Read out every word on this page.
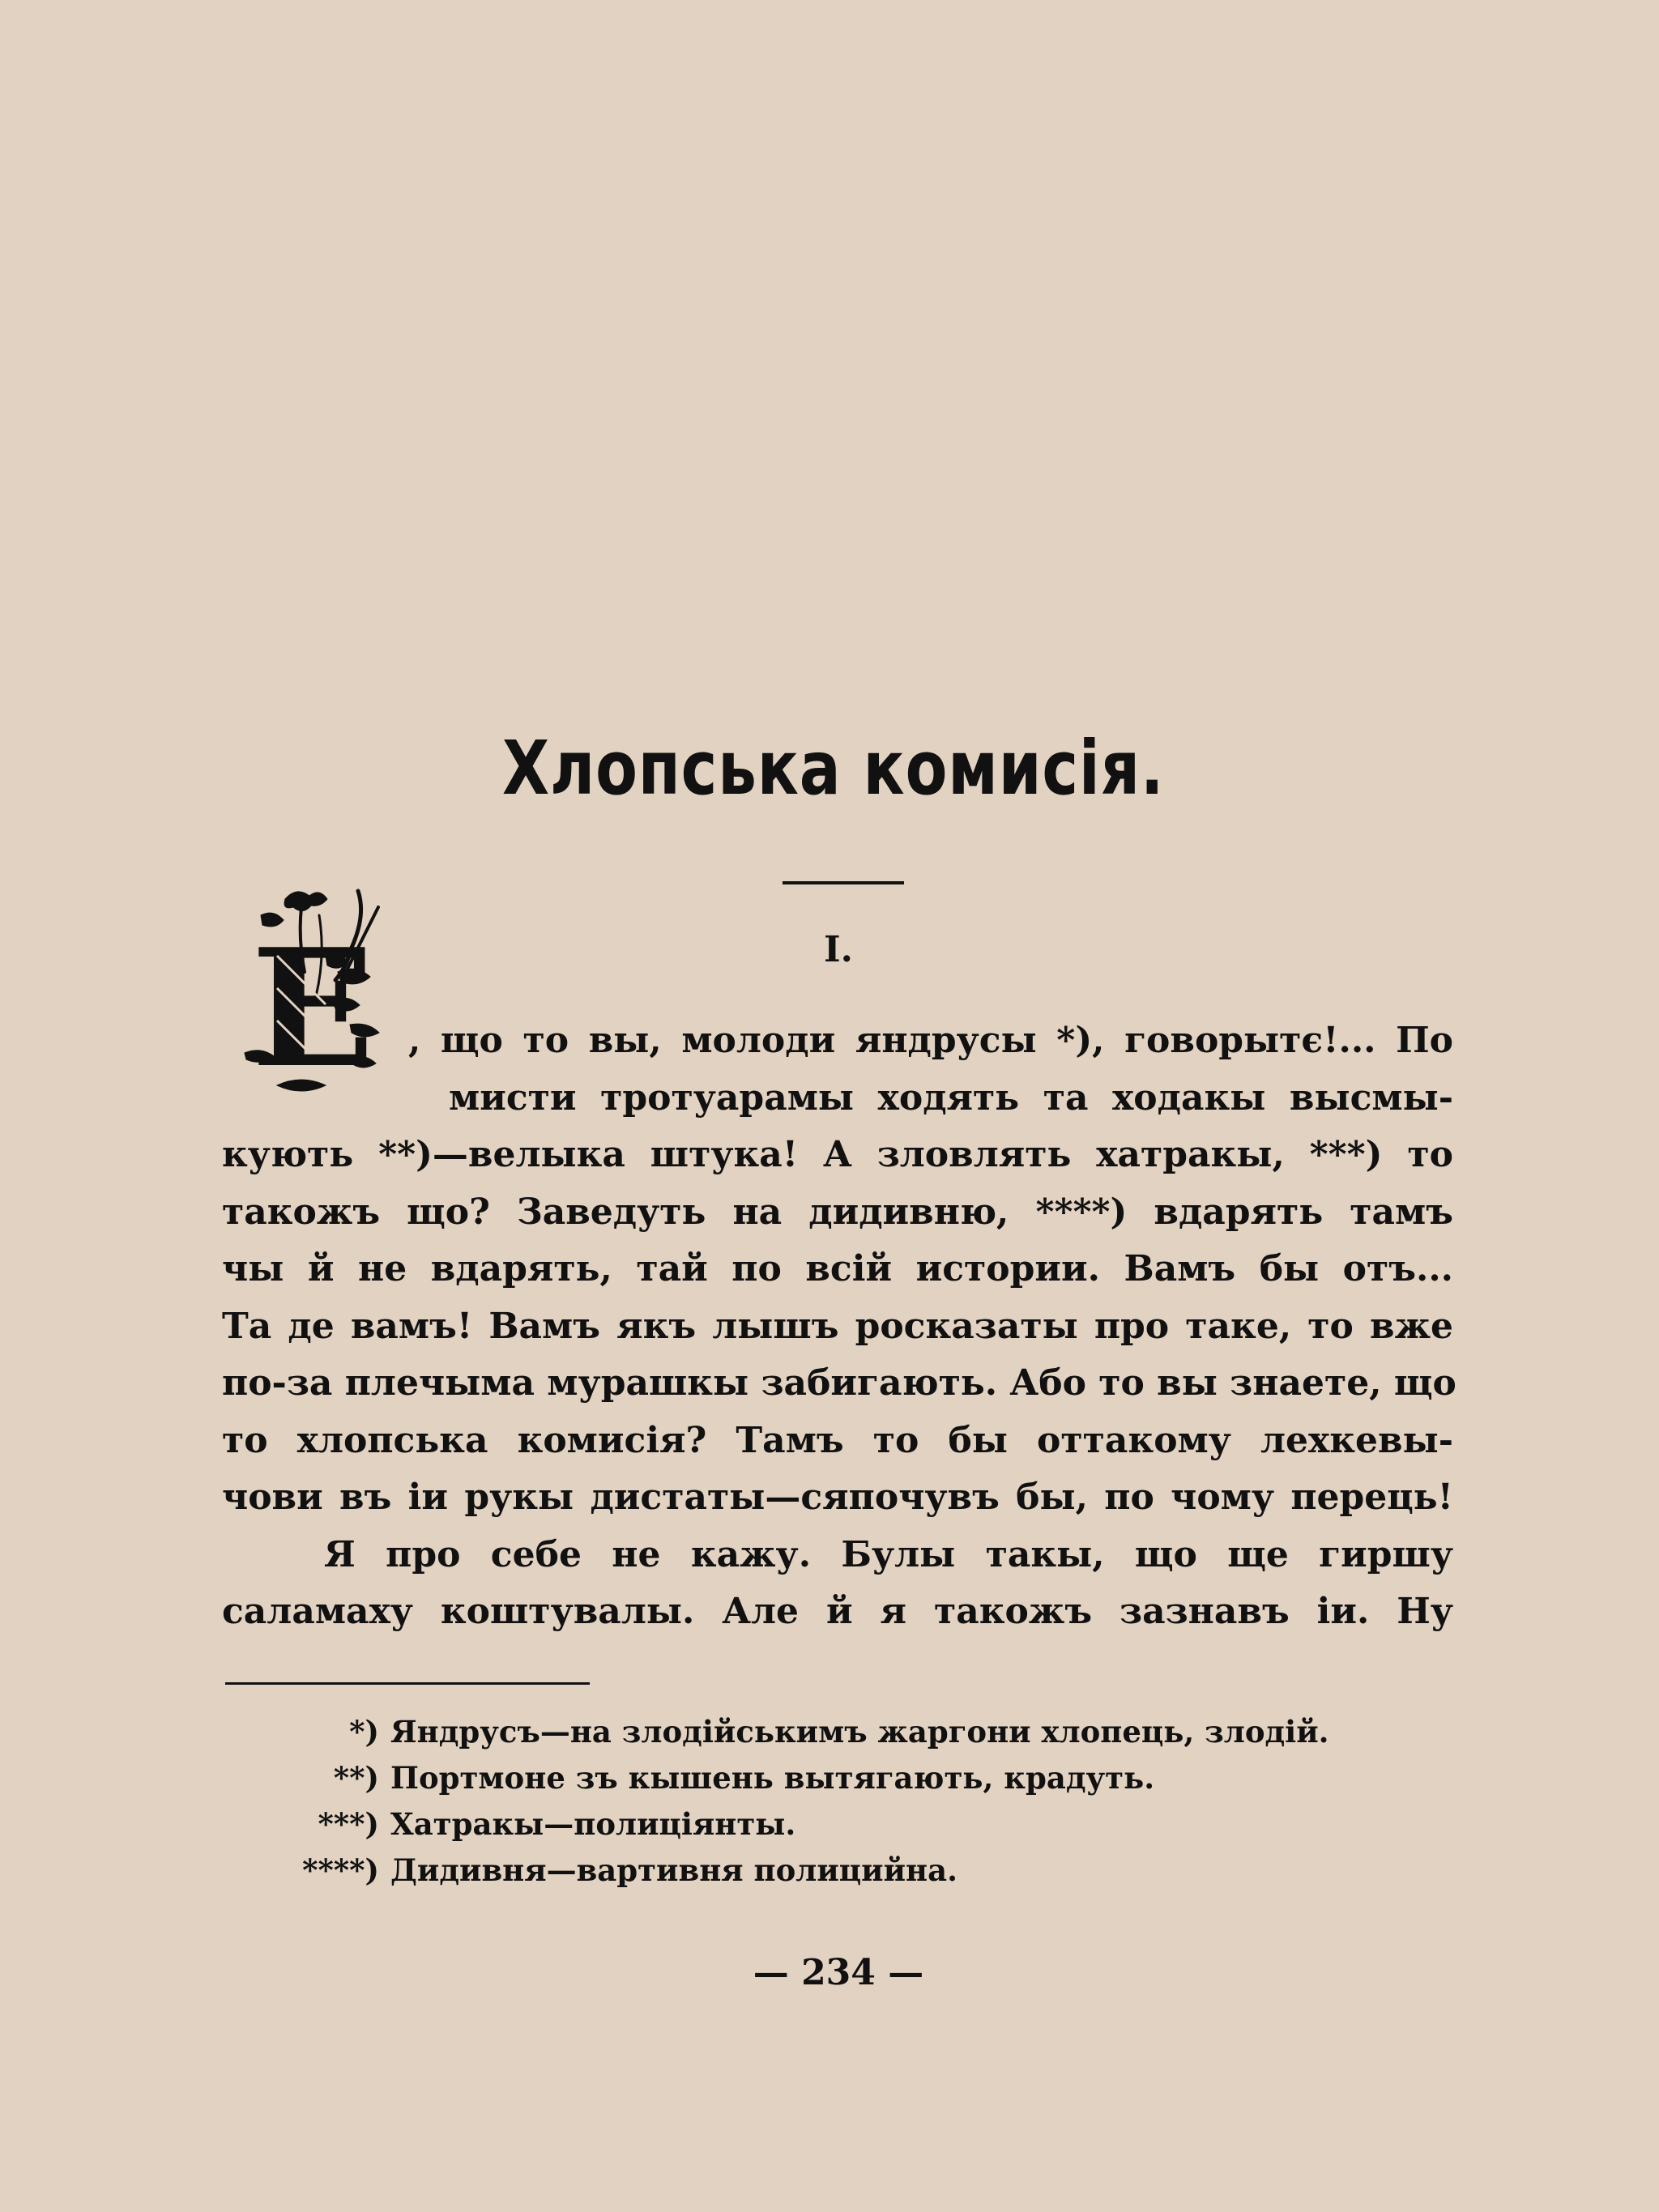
Хлопська комисія.
I.
Е , що то вы, молоди яндрусы *), говорытє!... По
мисти тротуарамы ходять та ходакы высмы-
кують **)—велыка штука! А зловлять хатракы, ***) то
такожъ що? Заведуть на дидивню, ****) вдарять тамъ
чы й не вдарять, тай по всій истории. Вамъ бы отъ...
Та де вамъ! Вамъ якъ лышъ росказаты про таке, то вже
по-за плечыма мурашкы забигають. Або то вы знаете, що
то хлопська комисія? Тамъ то бы оттакому лехкевы-
чови въ іи рукы дистаты—сяпочувъ бы, по чому перець!
Я про себе не кажу. Булы такы, що ще гиршу
саламаху коштувалы. Але й я такожъ зазнавъ іи. Ну
*) Яндрусъ—на злодійськимъ жаргони хлопець, злодій.
**) Портмоне зъ кышень вытягають, крадуть.
***) Хатракы—полиціянты.
****) Дидивня—вартивня полицийна.
— 234 —
